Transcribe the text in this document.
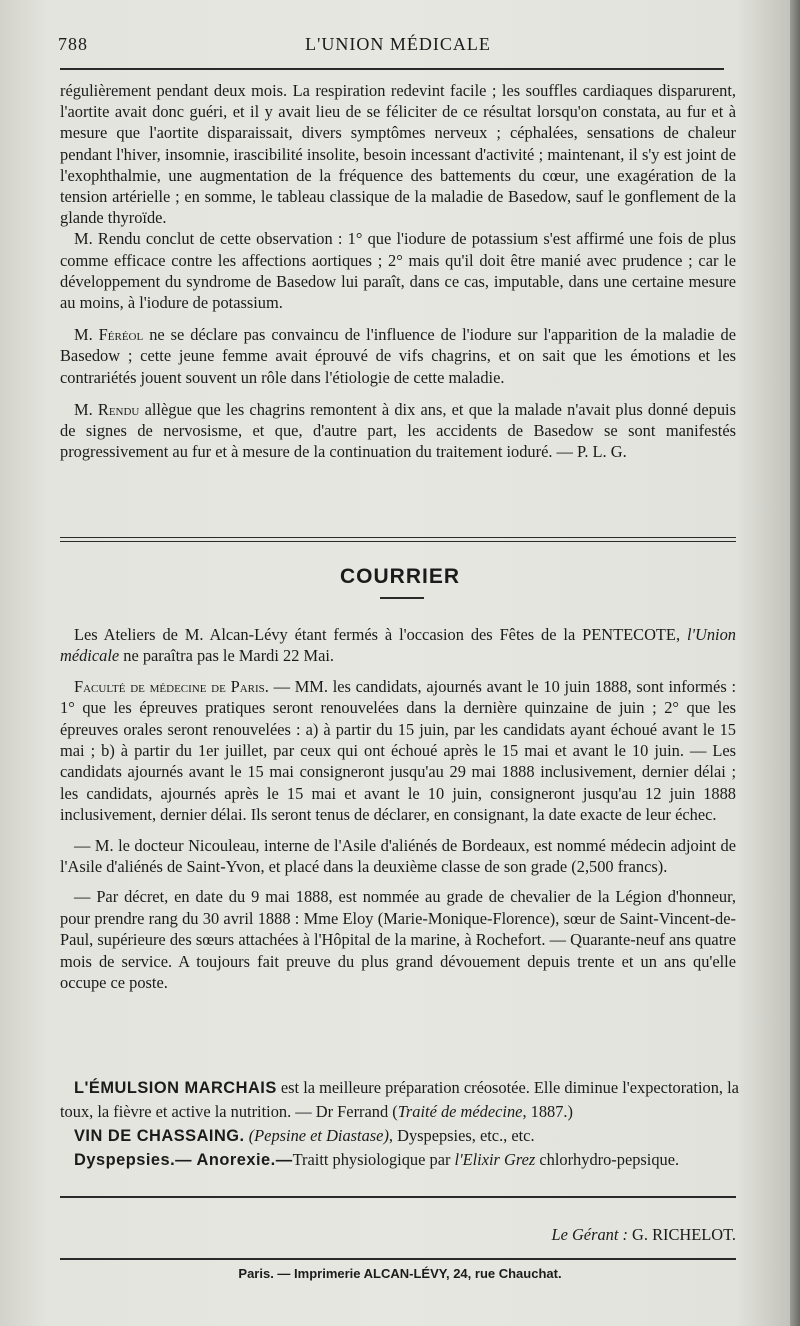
788	L'UNION MÉDICALE

régulièrement pendant deux mois. La respiration redevint facile ; les souffles cardiaques disparurent, l'aortite avait donc guéri, et il y avait lieu de se féliciter de ce résultat lorsqu'on constata, au fur et à mesure que l'aortite disparaissait, divers symptômes nerveux ; céphalées, sensations de chaleur pendant l'hiver, insomnie, irascibilité insolite, besoin incessant d'activité ; maintenant, il s'y est joint de l'exophthalmie, une augmentation de la fréquence des battements du cœur, une exagération de la tension artérielle ; en somme, le tableau classique de la maladie de Basedow, sauf le gonflement de la glande thyroïde.

M. Rendu conclut de cette observation : 1° que l'iodure de potassium s'est affirmé une fois de plus comme efficace contre les affections aortiques ; 2° mais qu'il doit être manié avec prudence ; car le développement du syndrome de Basedow lui paraît, dans ce cas, imputable, dans une certaine mesure au moins, à l'iodure de potassium.

M. Féréol ne se déclare pas convaincu de l'influence de l'iodure sur l'apparition de la maladie de Basedow ; cette jeune femme avait éprouvé de vifs chagrins, et on sait que les émotions et les contrariétés jouent souvent un rôle dans l'étiologie de cette maladie.

M. Rendu allègue que les chagrins remontent à dix ans, et que la malade n'avait plus donné depuis de signes de nervosisme, et que, d'autre part, les accidents de Basedow se sont manifestés progressivement au fur et à mesure de la continuation du traitement ioduré. — P. L. G.

COURRIER

Les Ateliers de M. Alcan-Lévy étant fermés à l'occasion des Fêtes de la PENTECOTE, l'Union médicale ne paraîtra pas le Mardi 22 Mai.

Faculté de médecine de Paris. — MM. les candidats, ajournés avant le 10 juin 1888, sont informés : 1° que les épreuves pratiques seront renouvelées dans la dernière quinzaine de juin ; 2° que les épreuves orales seront renouvelées : a) à partir du 15 juin, par les candidats ayant échoué avant le 15 mai ; b) à partir du 1er juillet, par ceux qui ont échoué après le 15 mai et avant le 10 juin. — Les candidats ajournés avant le 15 mai consigneront jusqu'au 29 mai 1888 inclusivement, dernier délai ; les candidats, ajournés après le 15 mai et avant le 10 juin, consigneront jusqu'au 12 juin 1888 inclusivement, dernier délai. Ils seront tenus de déclarer, en consignant, la date exacte de leur échec.

— M. le docteur Nicouleau, interne de l'Asile d'aliénés de Bordeaux, est nommé médecin adjoint de l'Asile d'aliénés de Saint-Yvon, et placé dans la deuxième classe de son grade (2,500 francs).

— Par décret, en date du 9 mai 1888, est nommée au grade de chevalier de la Légion d'honneur, pour prendre rang du 30 avril 1888 : Mme Eloy (Marie-Monique-Florence), sœur de Saint-Vincent-de-Paul, supérieure des sœurs attachées à l'Hôpital de la marine, à Rochefort. — Quarante-neuf ans quatre mois de service. A toujours fait preuve du plus grand dévouement depuis trente et un ans qu'elle occupe ce poste.

L'ÉMULSION MARCHAIS est la meilleure préparation créosotée. Elle diminue l'expectoration, la toux, la fièvre et active la nutrition. — Dr Ferrand (Traité de médecine, 1887.)

VIN DE CHASSAING. (Pepsine et Diastase), Dyspepsies, etc., etc.

Dyspepsies.— Anorexie.—Traitt physiologique par l'Elixir Grez chlorhydro-pepsique.

Le Gérant : G. RICHELOT.
Paris. — Imprimerie ALCAN-LÉVY, 24, rue Chauchat.
